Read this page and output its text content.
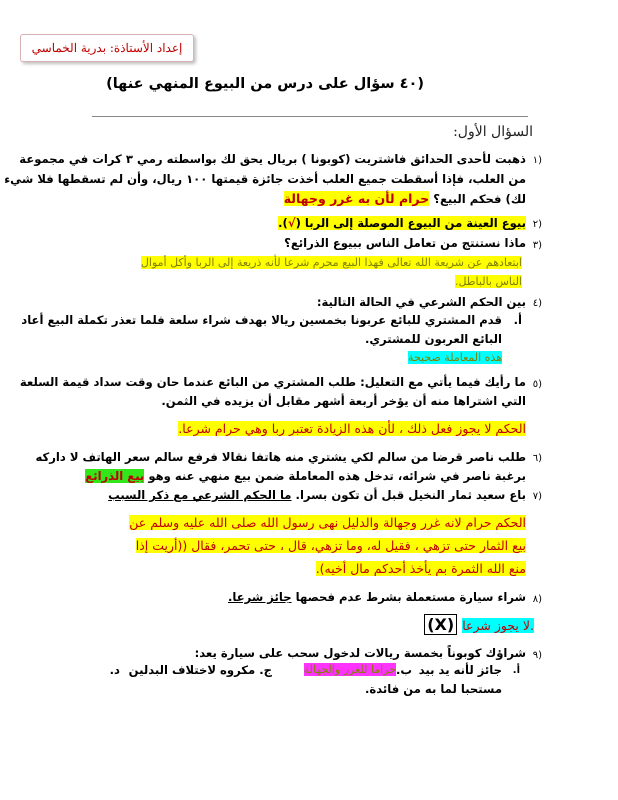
إعداد الأستاذة: بدرية الخماسي
(٤٠ سؤال على درس من البيوع المنهي عنها)
السؤال الأول:
١)
ذهبت لأحدى الحدائق فاشتريت (كوبونا ) بريال يحق لك بواسطته رمي ٣ كرات في مجموعة
من العلب، فإذا أسقطت جميع العلب أخذت جائزة قيمتها ١٠٠ ريال، وأن لم تسقطها فلا شيء
لك) فحكم البيع؟ حرام لأن به غرر وجهالة
٢)
بيوع العينة من البيوع الموصلة إلى الربا (√).
٣)
ماذا نستنتج من تعامل الناس ببيوع الذرائع؟
ابتعادهم عن شريعة الله تعالى فهذا البيع محرم شرعا لأنه ذريعة إلى الربا وأكل أموال
الناس بالباطل.
٤)
بين الحكم الشرعي في الحالة التالية:
أ.
قدم المشتري للبائع عربونا بخمسين ريالا بهدف شراء سلعة فلما تعذر تكملة البيع أعاد
البائع العربون للمشتري.
هذه المعاملة صحيحة
٥)
ما رأيك فيما يأتي مع التعليل: طلب المشتري من البائع عندما حان وقت سداد قيمة السلعة
التي اشتراها منه أن يؤخر أربعة أشهر مقابل أن يزيده في الثمن.
الحكم لا يجوز فعل ذلك ، لأن هذه الزيادة تعتبر ربا وهي حرام شرعا.
٦)
طلب ناصر قرضا من سالم لكي يشتري منه هاتفا نقالا فرفع سالم سعر الهاتف لا داركه
برغبة ناصر في شرائه، تدخل هذه المعاملة ضمن بيع منهي عنه وهو بيع الذرائع
٧)
باع سعيد ثمار النخيل قبل أن تكون بسرا. ما الحكم الشرعي مع ذكر السبب
الحكم حرام لانه غرر وجهالة والدليل نهى رسول الله صلى الله عليه وسلم عن
بيع الثمار حتى تزهي ، فقيل له، وما تزهي، قال ، حتى تحمر، فقال ((أريت إذا
منع الله الثمرة بم يأخذ أحدكم مال أخيه).
٨)
شراء سيارة مستعملة بشرط عدم فحصها جائز شرعا.
(X) لا يجوز شرعا.
٩)
شراؤك كوبوناً بخمسة ريالات لدخول سحب على سيارة يعد:
أ.
جائز لأنه يد بيد
ب.
حراما للغرر والجهالة
ج. مكروه لاختلاف البدلين
د.
مستحبا لما به من فائدة.
